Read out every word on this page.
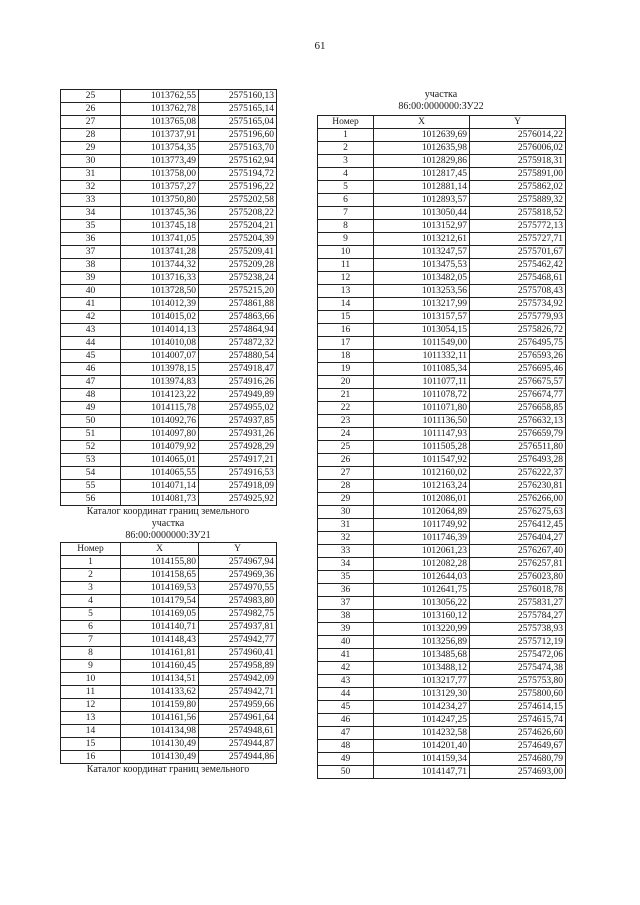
61
25	1013762,55	2575160,13
26	1013762,78	2575165,14
27	1013765,08	2575165,04
28	1013737,91	2575196,60
29	1013754,35	2575163,70
30	1013773,49	2575162,94
31	1013758,00	2575194,72
32	1013757,27	2575196,22
33	1013750,80	2575202,58
34	1013745,36	2575208,22
35	1013745,18	2575204,21
36	1013741,05	2575204,39
37	1013741,28	2575209,41
38	1013744,32	2575209,28
39	1013716,33	2575238,24
40	1013728,50	2575215,20
41	1014012,39	2574861,88
42	1014015,02	2574863,66
43	1014014,13	2574864,94
44	1014010,08	2574872,32
45	1014007,07	2574880,54
46	1013978,15	2574918,47
47	1013974,83	2574916,26
48	1014123,22	2574949,89
49	1014115,78	2574955,02
50	1014092,76	2574937,85
51	1014097,80	2574931,26
52	1014079,92	2574928,29
53	1014065,01	2574917,21
54	1014065,55	2574916,53
55	1014071,14	2574918,09
56	1014081,73	2574925,92
Каталог координат границ земельного
участка
86:00:0000000:ЗУ21
Номер	X	Y
1	1014155,80	2574967,94
2	1014158,65	2574969,36
3	1014169,53	2574970,55
4	1014179,54	2574983,80
5	1014169,05	2574982,75
6	1014140,71	2574937,81
7	1014148,43	2574942,77
8	1014161,81	2574960,41
9	1014160,45	2574958,89
10	1014134,51	2574942,09
11	1014133,62	2574942,71
12	1014159,80	2574959,66
13	1014161,56	2574961,64
14	1014134,98	2574948,61
15	1014130,49	2574944,87
16	1014130,49	2574944,86
Каталог координат границ земельного
участка
86:00:0000000:ЗУ22
Номер	X	Y
1	1012639,69	2576014,22
2	1012635,98	2576006,02
3	1012829,86	2575918,31
4	1012817,45	2575891,00
5	1012881,14	2575862,02
6	1012893,57	2575889,32
7	1013050,44	2575818,52
8	1013152,97	2575772,13
9	1013212,61	2575727,71
10	1013247,57	2575701,67
11	1013475,53	2575462,42
12	1013482,05	2575468,61
13	1013253,56	2575708,43
14	1013217,99	2575734,92
15	1013157,57	2575779,93
16	1013054,15	2575826,72
17	1011549,00	2576495,75
18	1011332,11	2576593,26
19	1011085,34	2576695,46
20	1011077,11	2576675,57
21	1011078,72	2576674,77
22	1011071,80	2576658,85
23	1011136,50	2576632,13
24	1011147,93	2576659,79
25	1011505,28	2576511,80
26	1011547,92	2576493,28
27	1012160,02	2576222,37
28	1012163,24	2576230,81
29	1012086,01	2576266,00
30	1012064,89	2576275,63
31	1011749,92	2576412,45
32	1011746,39	2576404,27
33	1012061,23	2576267,40
34	1012082,28	2576257,81
35	1012644,03	2576023,80
36	1012641,75	2576018,78
37	1013056,22	2575831,27
38	1013160,12	2575784,27
39	1013220,99	2575738,93
40	1013256,89	2575712,19
41	1013485,68	2575472,06
42	1013488,12	2575474,38
43	1013217,77	2575753,80
44	1013129,30	2575800,60
45	1014234,27	2574614,15
46	1014247,25	2574615,74
47	1014232,58	2574626,60
48	1014201,40	2574649,67
49	1014159,34	2574680,79
50	1014147,71	2574693,00
